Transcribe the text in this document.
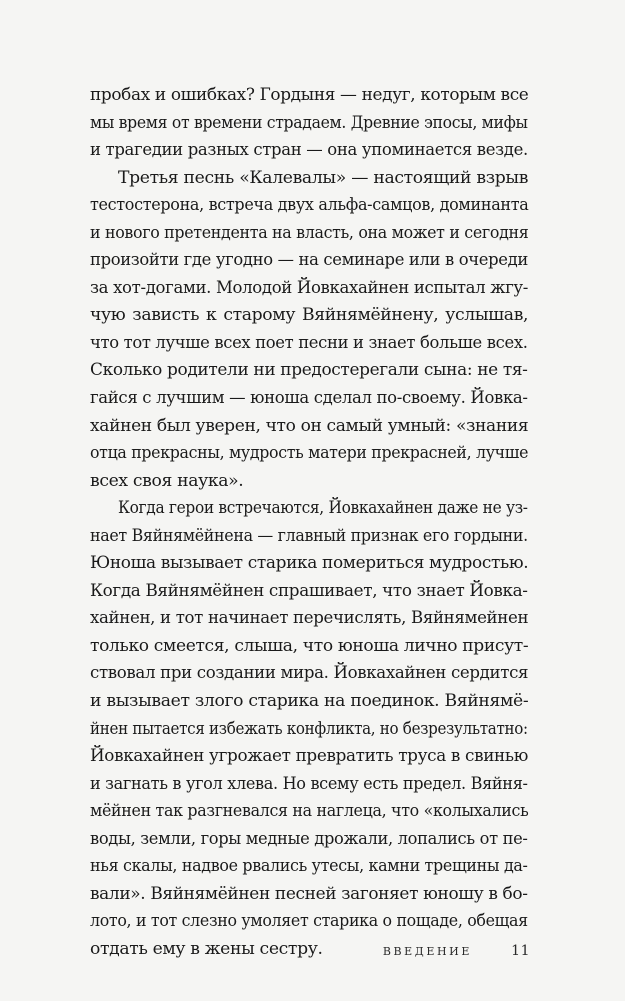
пробах и ошибках? Гордыня — недуг, которым все
мы время от времени страдаем. Древние эпосы, мифы
и трагедии разных стран — она упоминается везде.
Третья песнь «Калевалы» — настоящий взрыв
тестостерона, встреча двух альфа-самцов, доминанта
и нового претендента на власть, она может и сегодня
произойти где угодно — на семинаре или в очереди
за хот-догами. Молодой Йовкахайнен испытал жгу-
чую зависть к старому Вяйнямёйнену, услышав,
что тот лучше всех поет песни и знает больше всех.
Сколько родители ни предостерегали сына: не тя-
гайся с лучшим — юноша сделал по-своему. Йовка-
хайнен был уверен, что он самый умный: «знания
отца прекрасны, мудрость матери прекрасней, лучше
всех своя наука».
Когда герои встречаются, Йовкахайнен даже не уз-
нает Вяйнямёйнена — главный признак его гордыни.
Юноша вызывает старика помериться мудростью.
Когда Вяйнямёйнен спрашивает, что знает Йовка-
хайнен, и тот начинает перечислять, Вяйнямейнен
только смеется, слыша, что юноша лично присут-
ствовал при создании мира. Йовкахайнен сердится
и вызывает злого старика на поединок. Вяйнямё-
йнен пытается избежать конфликта, но безрезультатно:
Йовкахайнен угрожает превратить труса в свинью
и загнать в угол хлева. Но всему есть предел. Вяйня-
мёйнен так разгневался на наглеца, что «колыхались
воды, земли, горы медные дрожали, лопались от пе-
нья скалы, надвое рвались утесы, камни трещины да-
вали». Вяйнямёйнен песней загоняет юношу в бо-
лото, и тот слезно умоляет старика о пощаде, обещая
отдать ему в жены сестру.	ВВЕДЕНИЕ	11
